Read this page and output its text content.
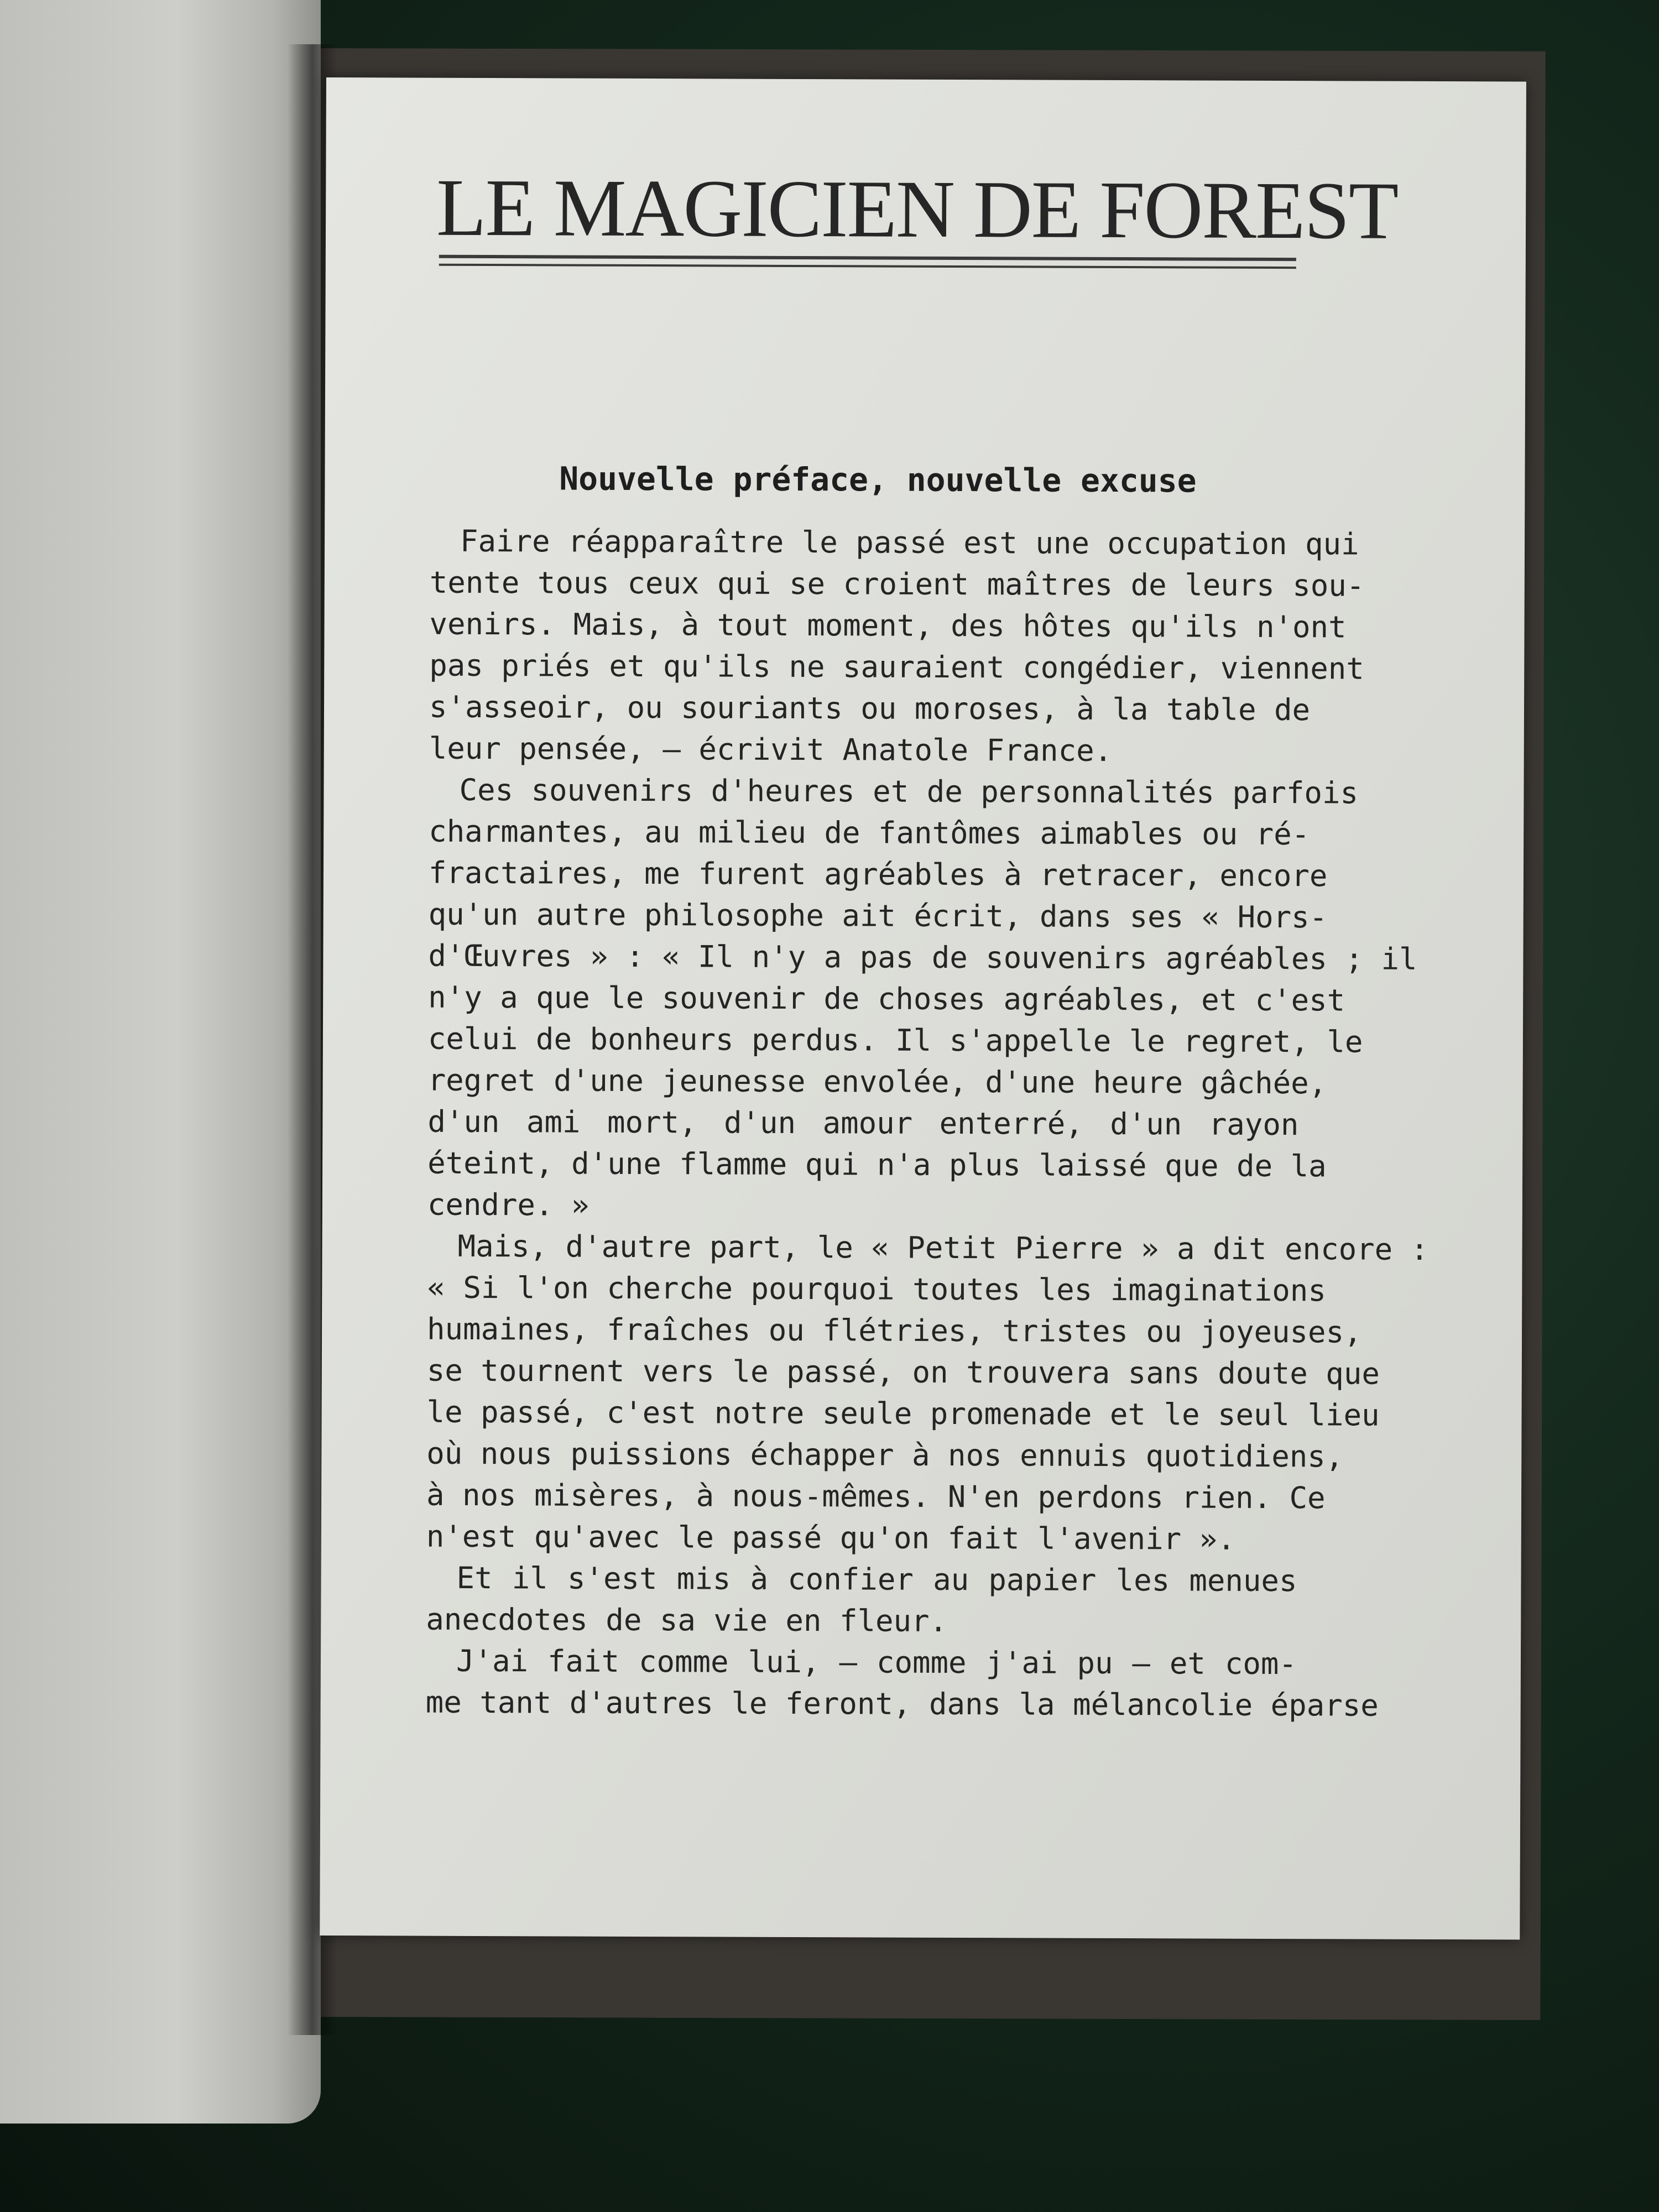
LE MAGICIEN DE FOREST
Nouvelle préface, nouvelle excuse

Faire réapparaître le passé est une occupation qui
tente tous ceux qui se croient maîtres de leurs sou-
venirs. Mais, à tout moment, des hôtes qu'ils n'ont
pas priés et qu'ils ne sauraient congédier, viennent
s'asseoir, ou souriants ou moroses, à la table de
leur pensée, — écrivit Anatole France.

Ces souvenirs d'heures et de personnalités parfois
charmantes, au milieu de fantômes aimables ou ré-
fractaires, me furent agréables à retracer, encore
qu'un autre philosophe ait écrit, dans ses « Hors-
d'Œuvres » : « Il n'y a pas de souvenirs agréables ; il
n'y a que le souvenir de choses agréables, et c'est
celui de bonheurs perdus. Il s'appelle le regret, le
regret d'une jeunesse envolée, d'une heure gâchée,
d'un ami mort, d'un amour enterré, d'un rayon
éteint, d'une flamme qui n'a plus laissé que de la
cendre. »

Mais, d'autre part, le « Petit Pierre » a dit encore :
« Si l'on cherche pourquoi toutes les imaginations
humaines, fraîches ou flétries, tristes ou joyeuses,
se tournent vers le passé, on trouvera sans doute que
le passé, c'est notre seule promenade et le seul lieu
où nous puissions échapper à nos ennuis quotidiens,
à nos misères, à nous-mêmes. N'en perdons rien. Ce
n'est qu'avec le passé qu'on fait l'avenir ».

Et il s'est mis à confier au papier les menues
anecdotes de sa vie en fleur.

J'ai fait comme lui, — comme j'ai pu — et com-
me tant d'autres le feront, dans la mélancolie éparse
